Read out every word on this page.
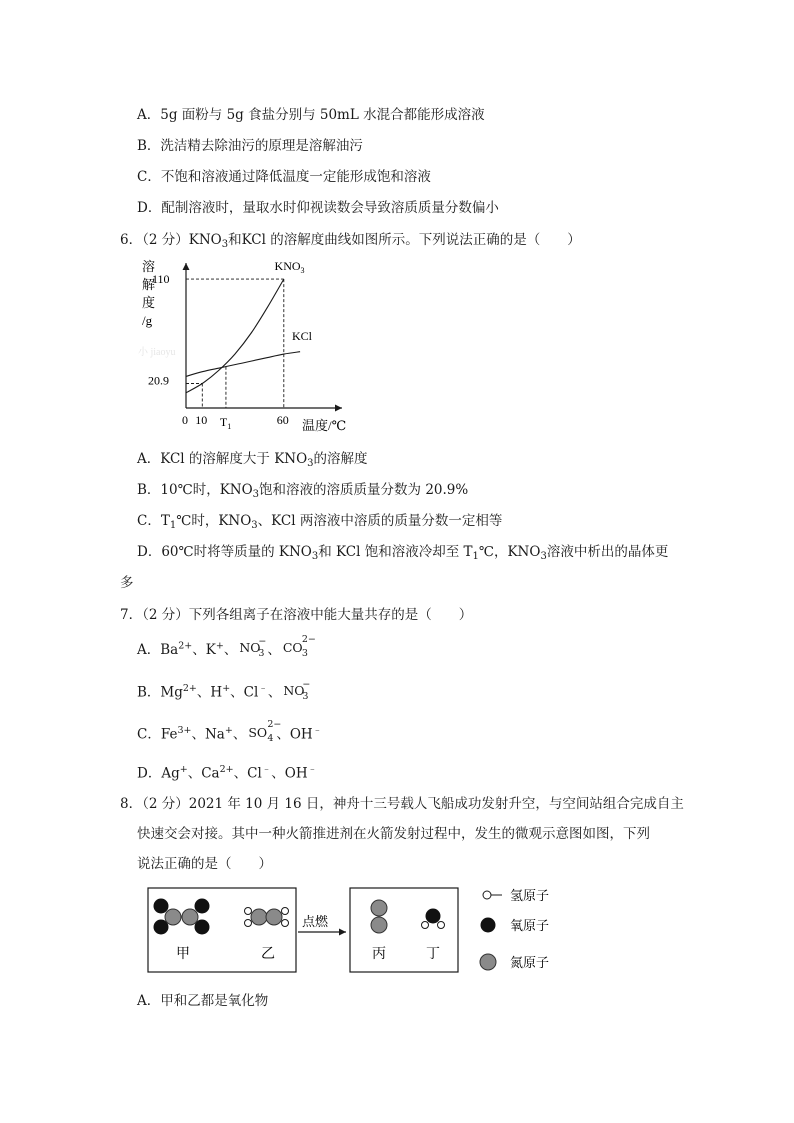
A．5g 面粉与 5g 食盐分别与 50mL 水混合都能形成溶液
B．洗洁精去除油污的原理是溶解油污
C．不饱和溶液通过降低温度一定能形成饱和溶液
D．配制溶液时，量取水时仰视读数会导致溶质质量分数偏小
6．（2 分）$KNO_3$和KCl 的溶解度曲线如图所示。下列说法正确的是（　　）
小 jiaoyu
溶
解
度
/g
$KNO_3$
KCl
110
20.9
0 10 $T_1$	60 温度/℃
A．KCl 的溶解度大于 $KNO_3$的溶解度
B．10℃时，$KNO_3$饱和溶液的溶质质量分数为 20.9%
C．$T_1℃$时，$KNO_3$、KCl 两溶液中溶质的质量分数一定相等
D．60℃时将等质量的 $KNO_3$和 KCl 饱和溶液冷却至 $T_1℃$，$KNO_3$溶液中析出的晶体更
多
7．（2 分）下列各组离子在溶液中能大量共存的是（　　）
A．$Ba^{2+}$、K+、 NO
−
3 、 CO
2−
3
B．$Mg^{2+}$、H+、Cl﹣、 NO
−
3
C．$Fe^{3+}$、Na+、 SO
2−
4 、OH﹣
D．Ag+、$Ca^{2+}$、Cl﹣、OH﹣
8．（2 分）2021 年 10 月 16 日，神舟十三号载人飞船成功发射升空，与空间站组合完成自主
快速交会对接。其中一种火箭推进剂在火箭发射过程中，发生的微观示意图如图，下列
说法正确的是（　　）
甲	乙
点燃
丙	丁
氢原子
氧原子
氮原子
A．甲和乙都是氧化物
